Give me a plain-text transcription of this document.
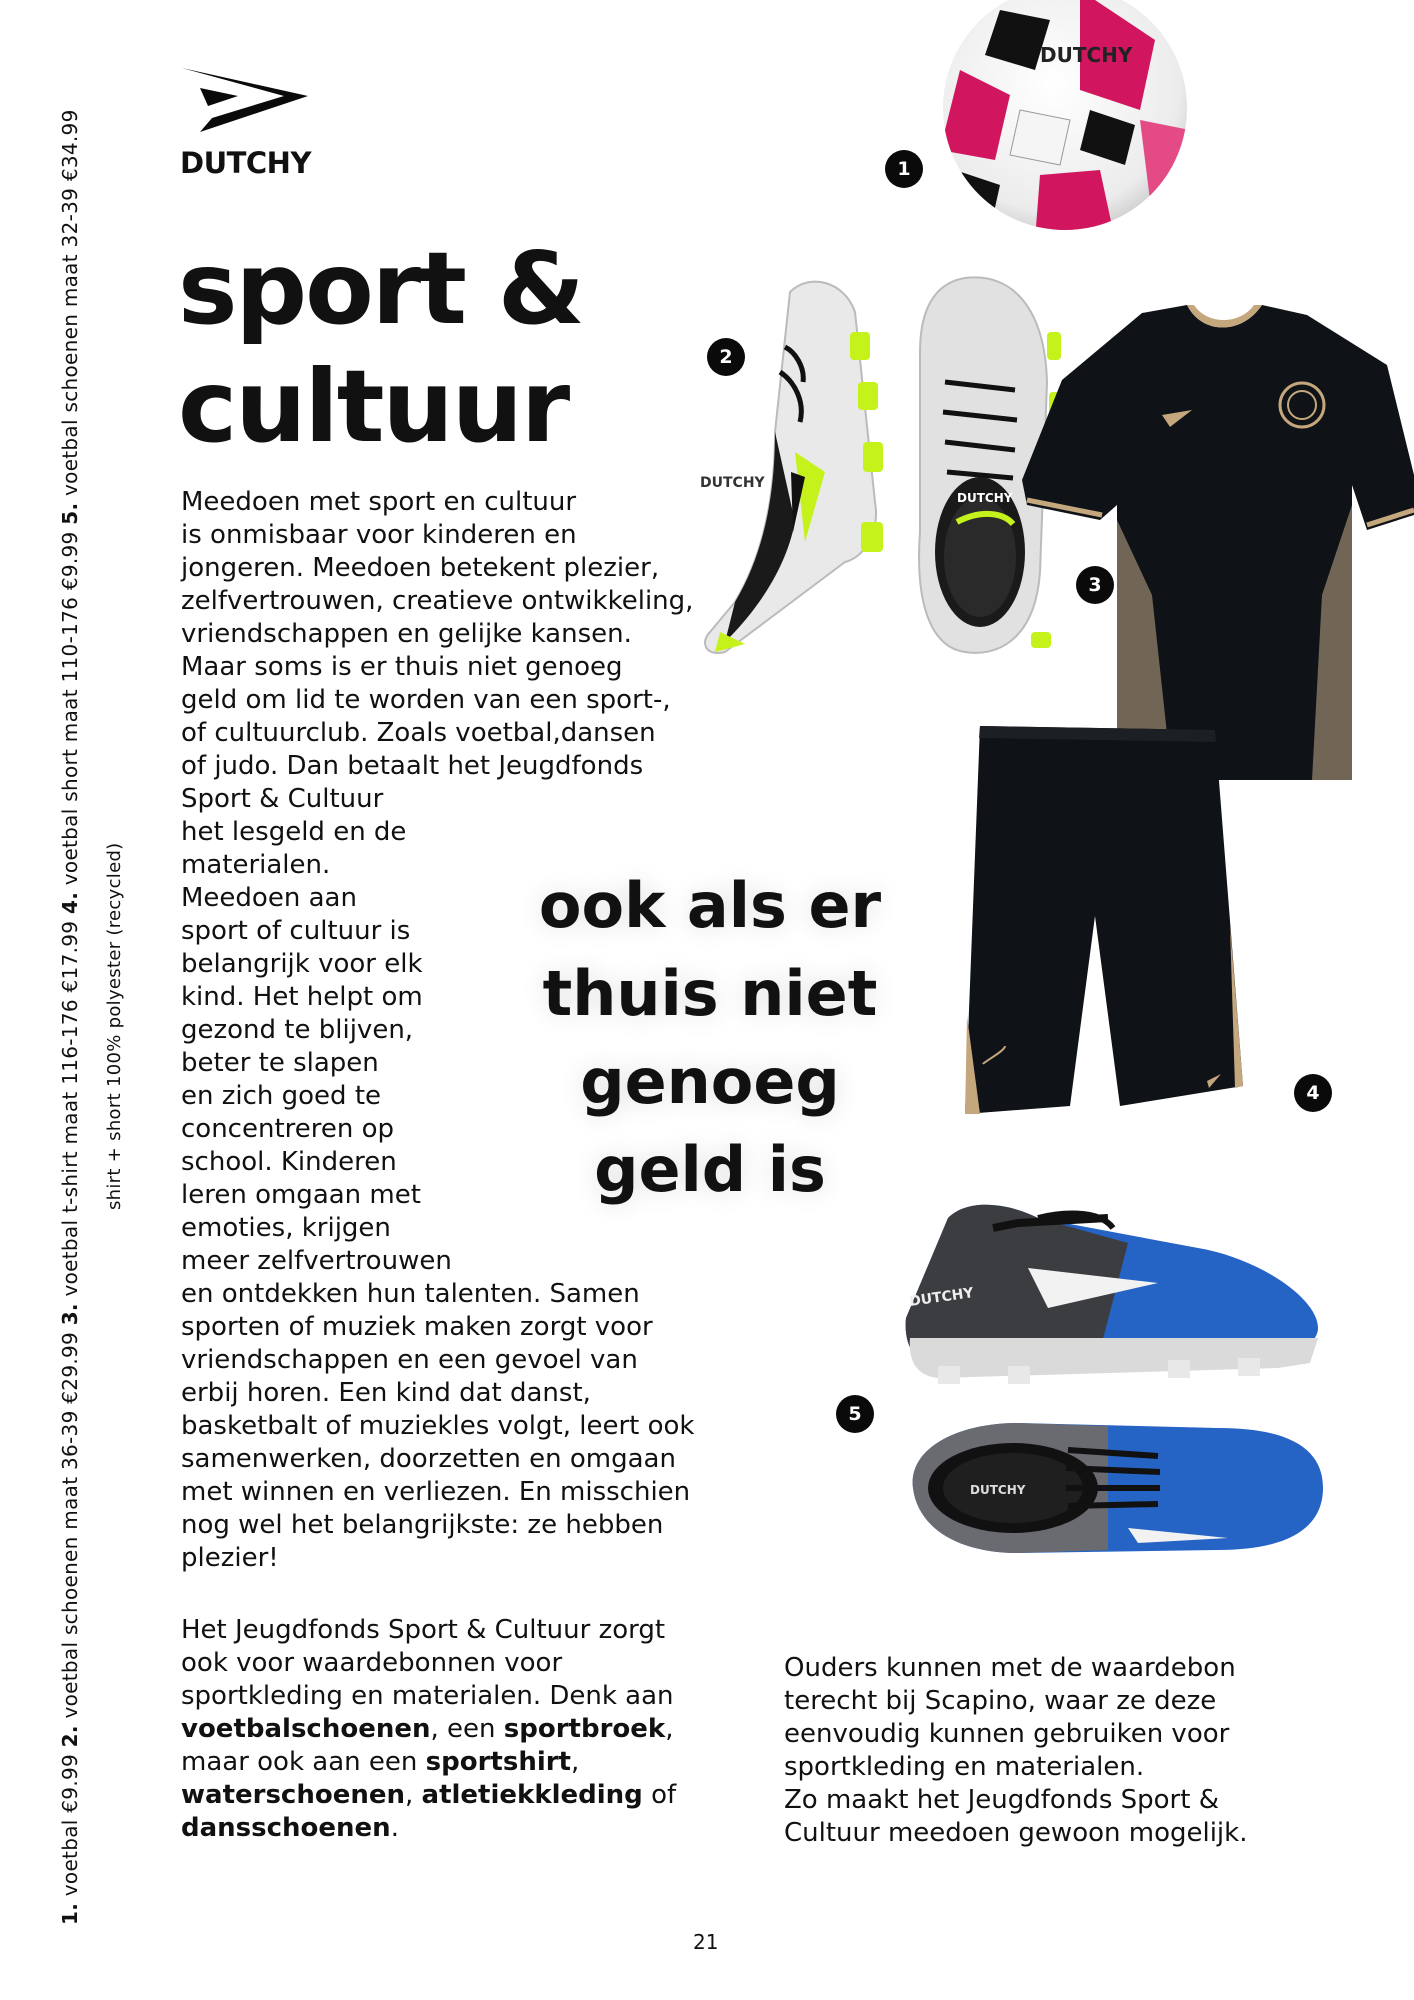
1. voetbal €9.99 2. voetbal schoenen maat 36-39 €29.99 3. voetbal t-shirt maat 116-176 €17.99 4. voetbal short maat 110-176 €9.99 5. voetbal schoenen maat 32-39 €34.99
shirt + short 100% polyester (recycled)
DUTCHY
sport &
cultuur
Meedoen met sport en cultuur
is onmisbaar voor kinderen en
jongeren. Meedoen betekent plezier,
zelfvertrouwen, creatieve ontwikkeling,
vriendschappen en gelijke kansen.
Maar soms is er thuis niet genoeg
geld om lid te worden van een sport-,
of cultuurclub. Zoals voetbal,dansen
of judo. Dan betaalt het Jeugdfonds
Sport & Cultuur
het lesgeld en de
materialen.
Meedoen aan
sport of cultuur is
belangrijk voor elk
kind. Het helpt om
gezond te blijven,
beter te slapen
en zich goed te
concentreren op
school. Kinderen
leren omgaan met
emoties, krijgen
meer zelfvertrouwen
en ontdekken hun talenten. Samen
sporten of muziek maken zorgt voor
vriendschappen en een gevoel van
erbij horen. Een kind dat danst,
basketbalt of muziekles volgt, leert ook
samenwerken, doorzetten en omgaan
met winnen en verliezen. En misschien
nog wel het belangrijkste: ze hebben
plezier!

Het Jeugdfonds Sport & Cultuur zorgt ook voor waardebonnen voor sportkleding en materialen. Denk aan voetbalschoenen, een sportbroek, maar ook aan een sportshirt, waterschoenen, atletiekkleding of dansschoenen.

Ouders kunnen met de waardebon terecht bij Scapino, waar ze deze eenvoudig kunnen gebruiken voor sportkleding en materialen.
Zo maakt het Jeugdfonds Sport & Cultuur meedoen gewoon mogelijk.
ook als er
thuis niet
genoeg
geld is
DUTCHY
DUTCHY
DUTCHY
DUTCHY
DUTCHY
1
2
3
4
5
21
